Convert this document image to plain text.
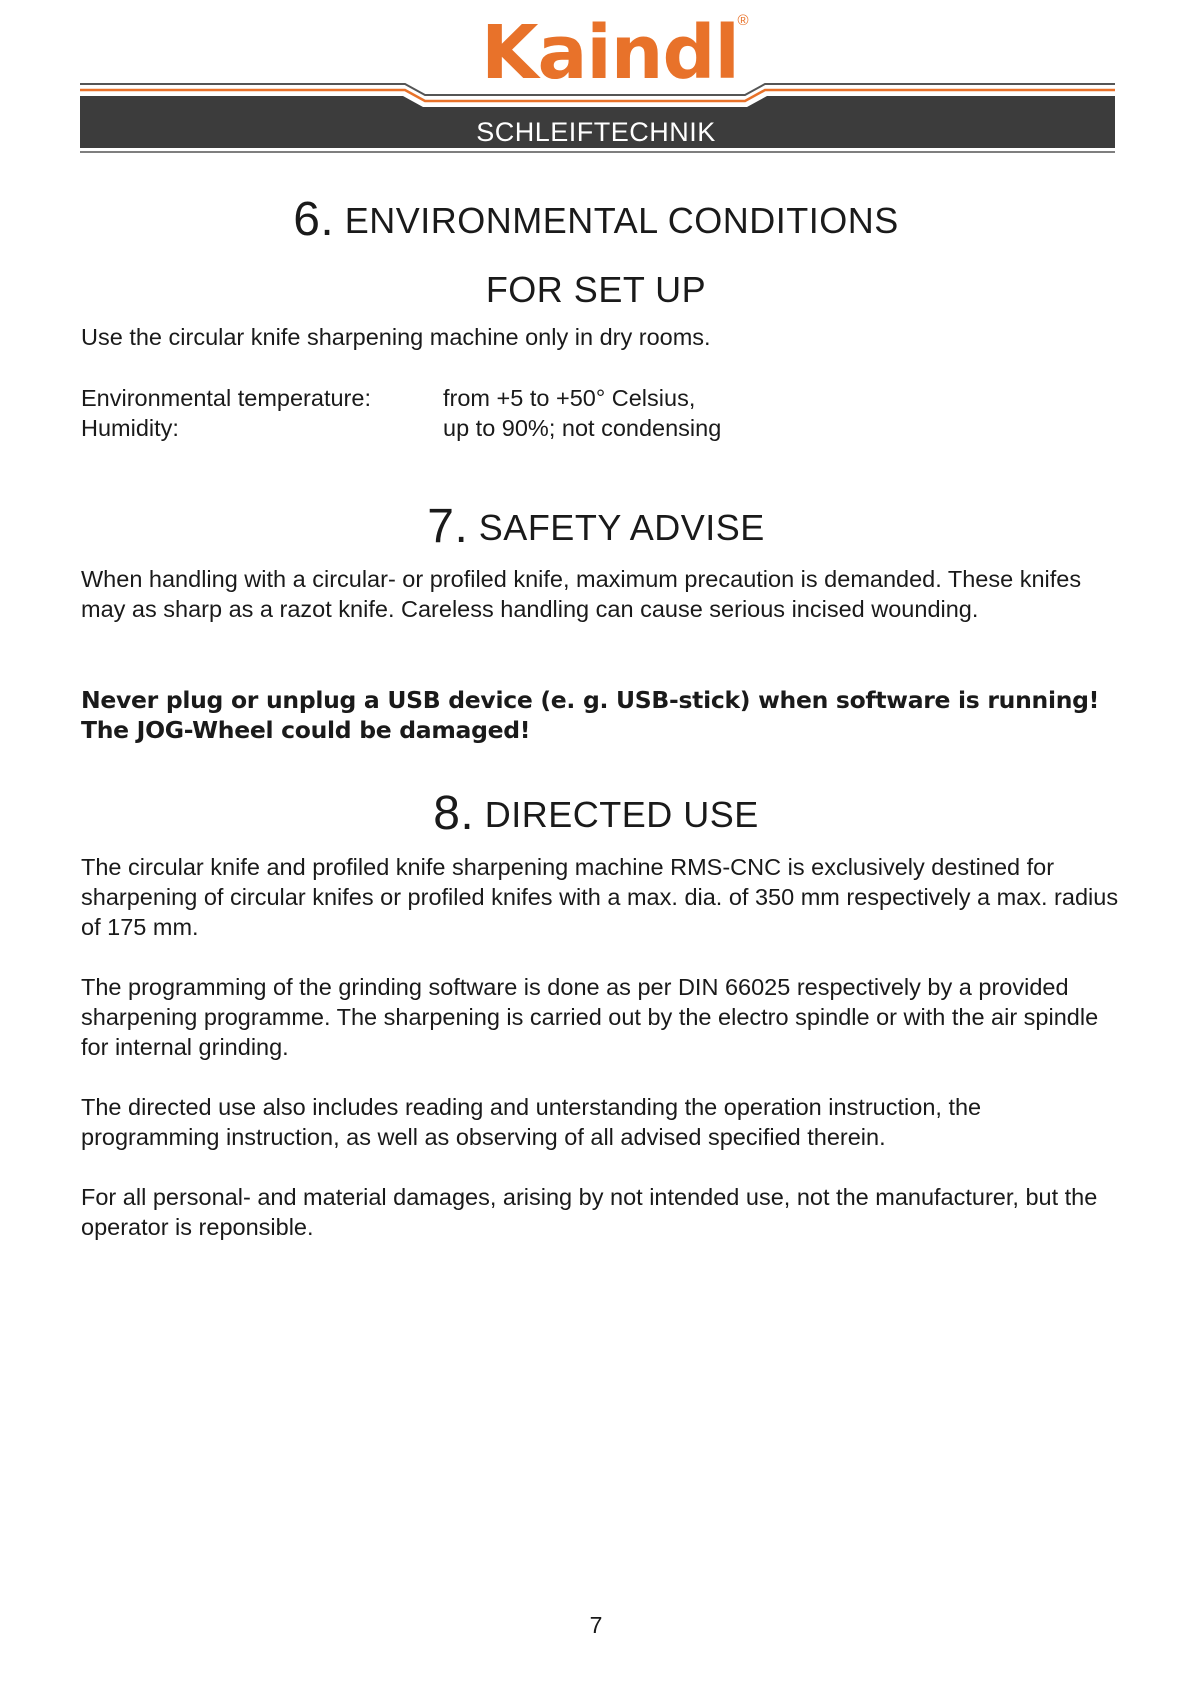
Kaindl
®
SCHLEIFTECHNIK
6. ENVIRONMENTAL CONDITIONS
FOR SET UP

Use the circular knife sharpening machine only in dry rooms.

Environmental temperature:	from +5 to +50° Celsius,
Humidity:	up to 90%; not condensing
7. SAFETY ADVISE

When handling with a circular- or profiled knife, maximum precaution is demanded. These knifes may as sharp as a razot knife. Careless handling can cause serious incised wounding.

Never plug or unplug a USB device (e. g. USB-stick) when software is running!

The JOG-Wheel could be damaged!

8. DIRECTED USE

The circular knife and profiled knife sharpening machine RMS-CNC is exclusively destined for sharpening of circular knifes or profiled knifes with a max. dia. of 350 mm respectively a max. radius of 175 mm.

The programming of the grinding software is done as per DIN 66025 respectively by a provided sharpening programme. The sharpening is carried out by the electro spindle or with the air spindle for internal grinding.

The directed use also includes reading and unterstanding the operation instruction, the programming instruction, as well as observing of all advised specified therein.

For all personal- and material damages, arising by not intended use, not the manufacturer, but the operator is reponsible.

7
